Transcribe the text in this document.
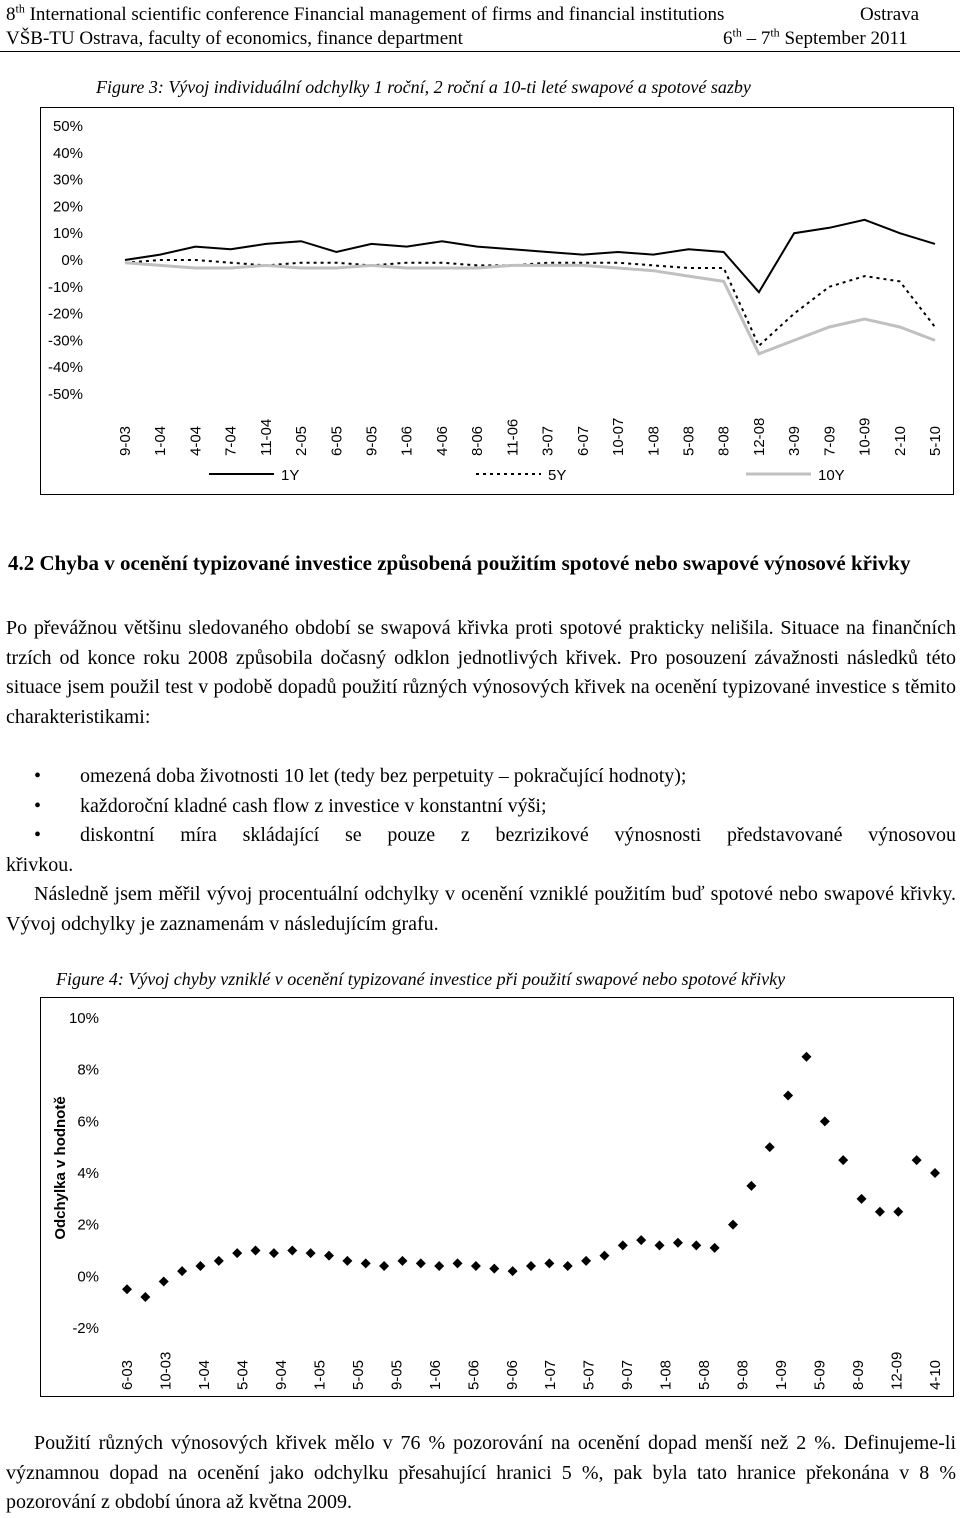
8th International scientific conference Financial management of firms and financial institutions	Ostrava
VŠB-TU Ostrava, faculty of economics, finance department	6th – 7th September 2011
Figure 3: Vývoj individuální odchylky 1 roční, 2 roční a 10-ti leté swapové a spotové sazby
50%
40%
30%
20%
10%
0%
-10%
-20%
-30%
-40%
-50%
9-03 1-04 4-04 7-04 11-04 2-05 6-05 9-05 1-06 4-06 8-06 11-06 3-07 6-07 10-07 1-08 5-08 8-08 12-08 3-09 7-09 10-09 2-10 5-10
1Y	5Y	10Y
4.2 Chyba v ocenění typizované investice způsobená použitím spotové nebo swapové výnosové křivky
Po převážnou většinu sledovaného období se swapová křivka proti spotové prakticky nelišila. Situace na finančních trzích od konce roku 2008 způsobila dočasný odklon jednotlivých křivek. Pro posouzení závažnosti následků této situace jsem použil test v podobě dopadů použití různých výnosových křivek na ocenění typizované investice s těmito charakteristikami:
• omezená doba životnosti 10 let (tedy bez perpetuity – pokračující hodnoty);
• každoroční kladné cash flow z investice v konstantní výši;
• diskontní míra skládající se pouze z bezrizikové výnosnosti představované výnosovou
křivkou.
Následně jsem měřil vývoj procentuální odchylky v ocenění vzniklé použitím buď spotové nebo swapové křivky. Vývoj odchylky je zaznamenám v následujícím grafu.
Figure 4: Vývoj chyby vzniklé v ocenění typizované investice při použití swapové nebo spotové křivky
10%
8%
6%
4%
2%
0%
-2%
Odchylka v hodnotě
6-03 10-03 1-04 5-04 9-04 1-05 5-05 9-05 1-06 5-06 9-06 1-07 5-07 9-07 1-08 5-08 9-08 1-09 5-09 8-09 12-09 4-10
Použití různých výnosových křivek mělo v 76 % pozorování na ocenění dopad menší než 2 %. Definujeme-li významnou dopad na ocenění jako odchylku přesahující hranici 5 %, pak byla tato hranice překonána v 8 % pozorování z období února až května 2009.
